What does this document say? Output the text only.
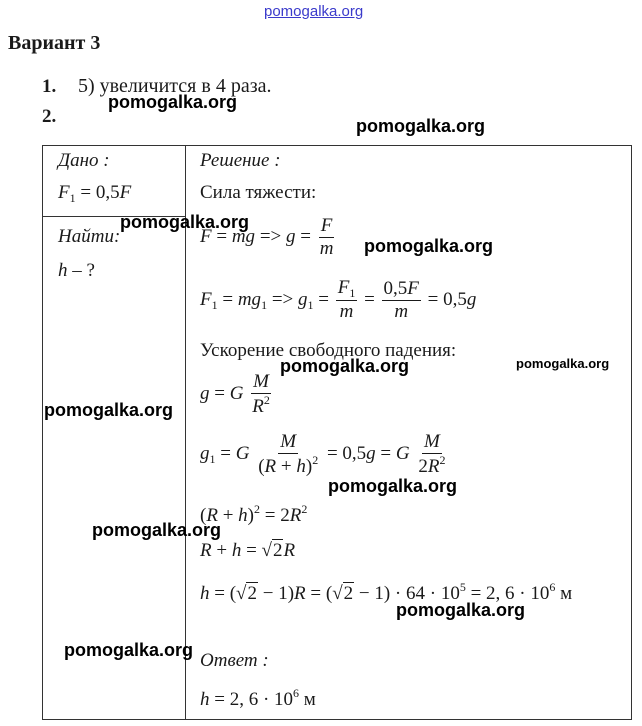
pomogalka.org
Вариант 3
1. 5) увеличится в 4 раза.
2.
Дано :
$F_1 = 0,5F$
Найти:
h – ?
Решение :
Сила тяжести:
F = mg => $g = \frac{F}{m}$
$F_1 = mg_1 => g_1 = \frac{F_1}{m} = \frac{0,5F}{m} = 0,5g$
Ускорение свободного падения:
g = G $\frac{M}{R^2}$
$g_1 = G \frac{M}{(R + h)^2} = 0,5g = G \frac{M}{2R^2}$
$(R + h)^2 = 2R^2$
R + h = √2R
$h = (√2 - 1)R = (√2 - 1) \cdot 64 \cdot 10^5 = 2$, $6 \cdot 10^6$ м
Ответ :
h = 2, $6 \cdot 10^6$ м
pomogalka.org
pomogalka.org
pomogalka.org
pomogalka.org
pomogalka.org	pomogalka.org
pomogalka.org
pomogalka.org
pomogalka.org
pomogalka.org
pomogalka.org
